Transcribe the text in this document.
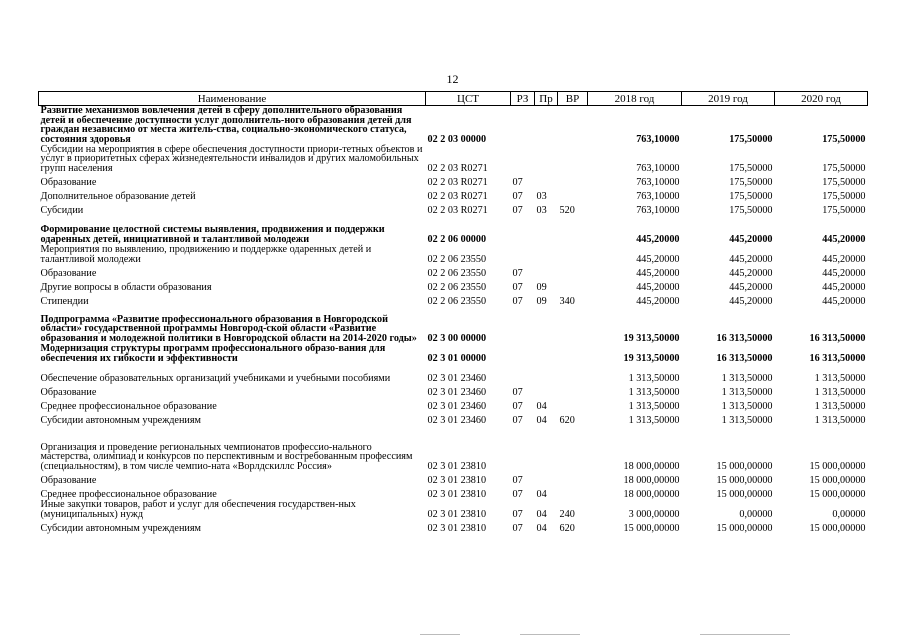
12
Наименование	ЦСТ	РЗ	Пр	ВР	2018 год	2019 год	2020 год
Развитие механизмов вовлечения детей в сферу дополнительного образования детей и обеспечение доступности услуг дополнитель-ного образования детей для граждан независимо от места житель-ства, социально-экономического статуса, состояния здоровья	02 2 03 00000				763,10000	175,50000	175,50000
Субсидии на мероприятия в сфере обеспечения доступности приори-тетных объектов и услуг в приоритетных сферах жизнедеятельности инвалидов и других маломобильных групп населения	02 2 03 R0271				763,10000	175,50000	175,50000
Образование	02 2 03 R0271	07			763,10000	175,50000	175,50000
Дополнительное образование детей	02 2 03 R0271	07	03		763,10000	175,50000	175,50000
Субсидии	02 2 03 R0271	07	03	520	763,10000	175,50000	175,50000
Формирование целостной системы выявления, продвижения и поддержки одаренных детей, инициативной и талантливой молодежи	02 2 06 00000				445,20000	445,20000	445,20000
Мероприятия по выявлению, продвижению и поддержке одаренных детей и талантливой молодежи	02 2 06 23550				445,20000	445,20000	445,20000
Образование	02 2 06 23550	07			445,20000	445,20000	445,20000
Другие вопросы в области образования	02 2 06 23550	07	09		445,20000	445,20000	445,20000
Стипендии	02 2 06 23550	07	09	340	445,20000	445,20000	445,20000
Подпрограмма «Развитие профессионального образования в Новгородской области» государственной программы Новгород-ской области «Развитие образования и молодежной политики в Новгородской области на 2014-2020 годы»	02 3 00 00000				19 313,50000	16 313,50000	16 313,50000
Модернизация структуры программ профессионального образо-вания для обеспечения их гибкости и эффективности	02 3 01 00000				19 313,50000	16 313,50000	16 313,50000
Обеспечение образовательных организаций учебниками и учебными пособиями	02 3 01 23460				1 313,50000	1 313,50000	1 313,50000
Образование	02 3 01 23460	07			1 313,50000	1 313,50000	1 313,50000
Среднее профессиональное образование	02 3 01 23460	07	04		1 313,50000	1 313,50000	1 313,50000
Субсидии автономным учреждениям	02 3 01 23460	07	04	620	1 313,50000	1 313,50000	1 313,50000
Организация и проведение региональных чемпионатов профессио-нального мастерства, олимпиад и конкурсов по перспективным и востребованным профессиям (специальностям), в том числе чемпио-ната «Ворлдскиллс Россия»	02 3 01 23810				18 000,00000	15 000,00000	15 000,00000
Образование	02 3 01 23810	07			18 000,00000	15 000,00000	15 000,00000
Среднее профессиональное образование	02 3 01 23810	07	04		18 000,00000	15 000,00000	15 000,00000
Иные закупки товаров, работ и услуг для обеспечения государствен-ных (муниципальных) нужд	02 3 01 23810	07	04	240	3 000,00000	0,00000	0,00000
Субсидии автономным учреждениям	02 3 01 23810	07	04	620	15 000,00000	15 000,00000	15 000,00000
